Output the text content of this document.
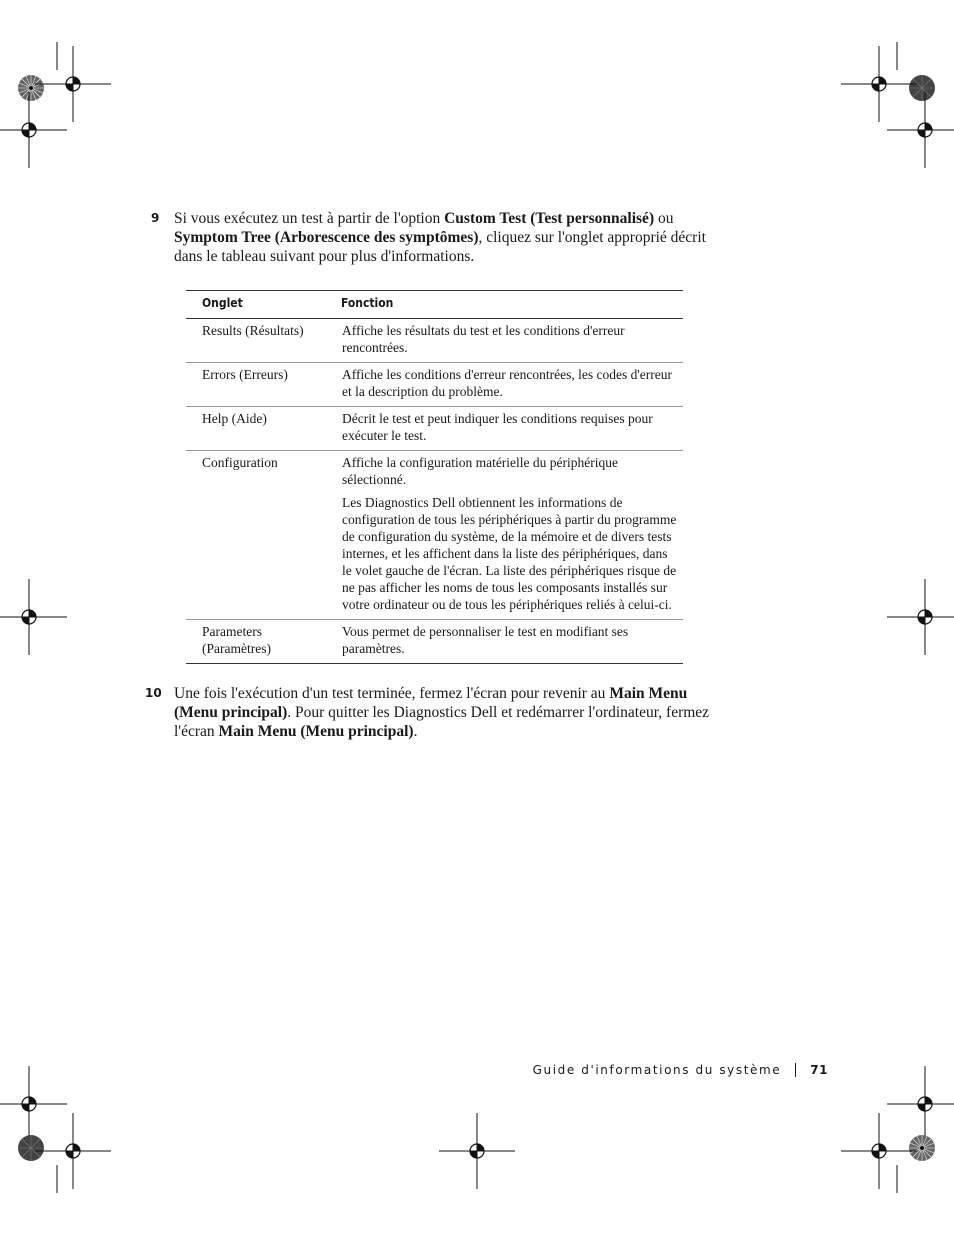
9 Si vous exécutez un test à partir de l'option Custom Test (Test personnalisé) ou Symptom Tree (Arborescence des symptômes), cliquez sur l'onglet approprié décrit dans le tableau suivant pour plus d'informations.

Onglet	Fonction
Results (Résultats)	Affiche les résultats du test et les conditions d'erreur rencontrées.

Errors (Erreurs)	Affiche les conditions d'erreur rencontrées, les codes d'erreur et la description du problème.

Help (Aide)	Décrit le test et peut indiquer les conditions requises pour exécuter le test.

Configuration	Affiche la configuration matérielle du périphérique sélectionné.

Les Diagnostics Dell obtiennent les informations de configuration de tous les périphériques à partir du programme de configuration du système, de la mémoire et de divers tests internes, et les affichent dans la liste des périphériques, dans le volet gauche de l'écran. La liste des périphériques risque de ne pas afficher les noms de tous les composants installés sur votre ordinateur ou de tous les périphériques reliés à celui-ci.

Parameters (Paramètres)	Vous permet de personnaliser le test en modifiant ses paramètres.

10 Une fois l'exécution d'un test terminée, fermez l'écran pour revenir au Main Menu (Menu principal). Pour quitter les Diagnostics Dell et redémarrer l'ordinateur, fermez l'écran Main Menu (Menu principal).

Guide d'informations du système 71
